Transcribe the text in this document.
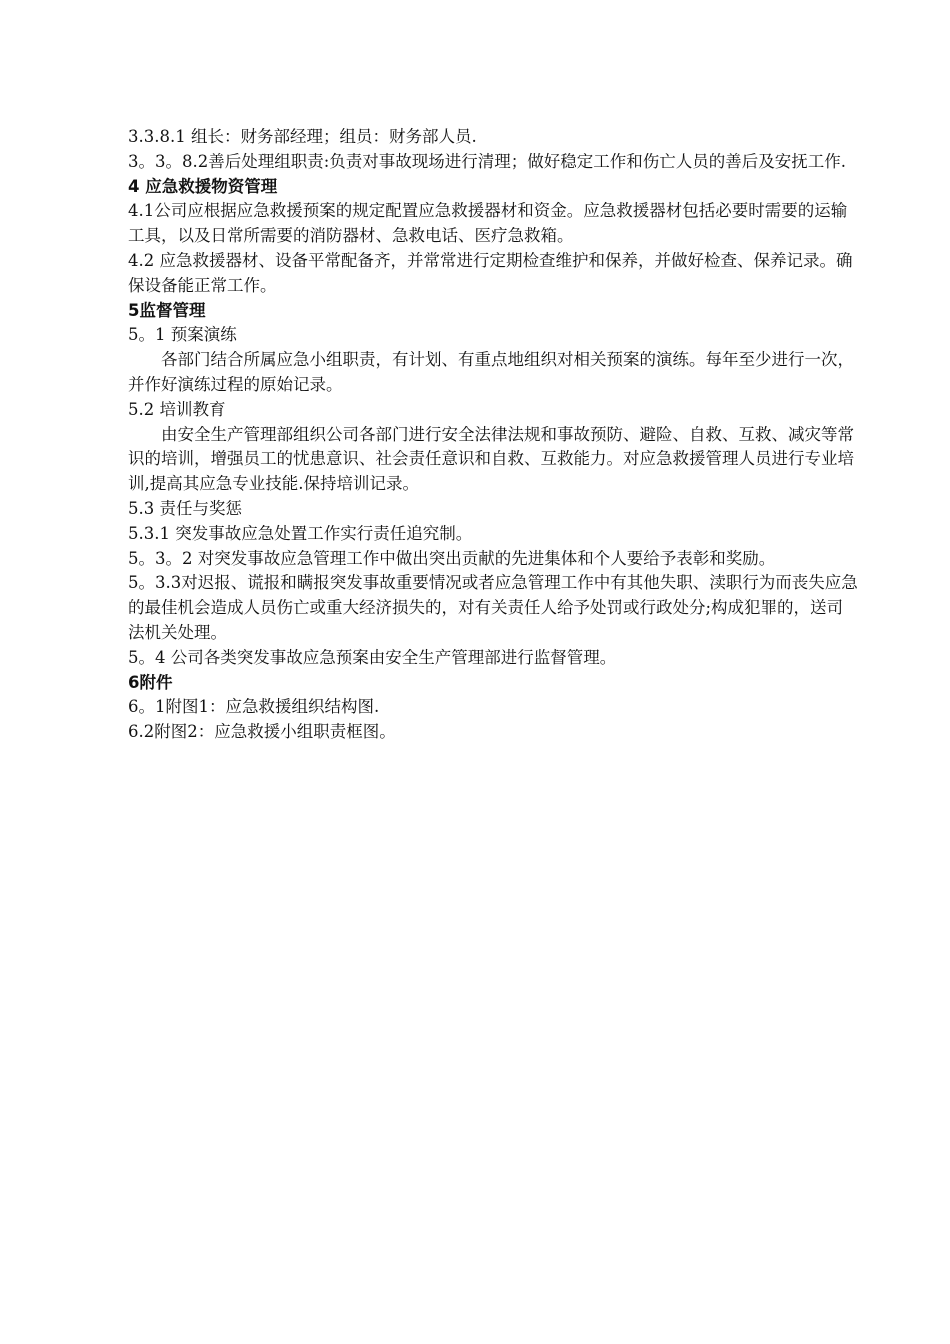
3.3.8.1 组长：财务部经理；组员：财务部人员.

3。3。8.2善后处理组职责:负责对事故现场进行清理；做好稳定工作和伤亡人员的善后及安抚工作.

4 应急救援物资管理

4.1公司应根据应急救援预案的规定配置应急救援器材和资金。应急救援器材包括必要时需要的运输工具，以及日常所需要的消防器材、急救电话、医疗急救箱。

4.2 应急救援器材、设备平常配备齐，并常常进行定期检查维护和保养，并做好检查、保养记录。确保设备能正常工作。

5监督管理

5。1 预案演练

各部门结合所属应急小组职责，有计划、有重点地组织对相关预案的演练。每年至少进行一次，并作好演练过程的原始记录。

5.2 培训教育

由安全生产管理部组织公司各部门进行安全法律法规和事故预防、避险、自救、互救、减灾等常识的培训，增强员工的忧患意识、社会责任意识和自救、互救能力。对应急救援管理人员进行专业培训,提高其应急专业技能.保持培训记录。

5.3 责任与奖惩

5.3.1 突发事故应急处置工作实行责任追究制。

5。3。2 对突发事故应急管理工作中做出突出贡献的先进集体和个人要给予表彰和奖励。

5。3.3对迟报、谎报和瞒报突发事故重要情况或者应急管理工作中有其他失职、渎职行为而丧失应急的最佳机会造成人员伤亡或重大经济损失的，对有关责任人给予处罚或行政处分;构成犯罪的，送司法机关处理。

5。4 公司各类突发事故应急预案由安全生产管理部进行监督管理。

6附件

6。1附图1：应急救援组织结构图.

6.2附图2：应急救援小组职责框图。
